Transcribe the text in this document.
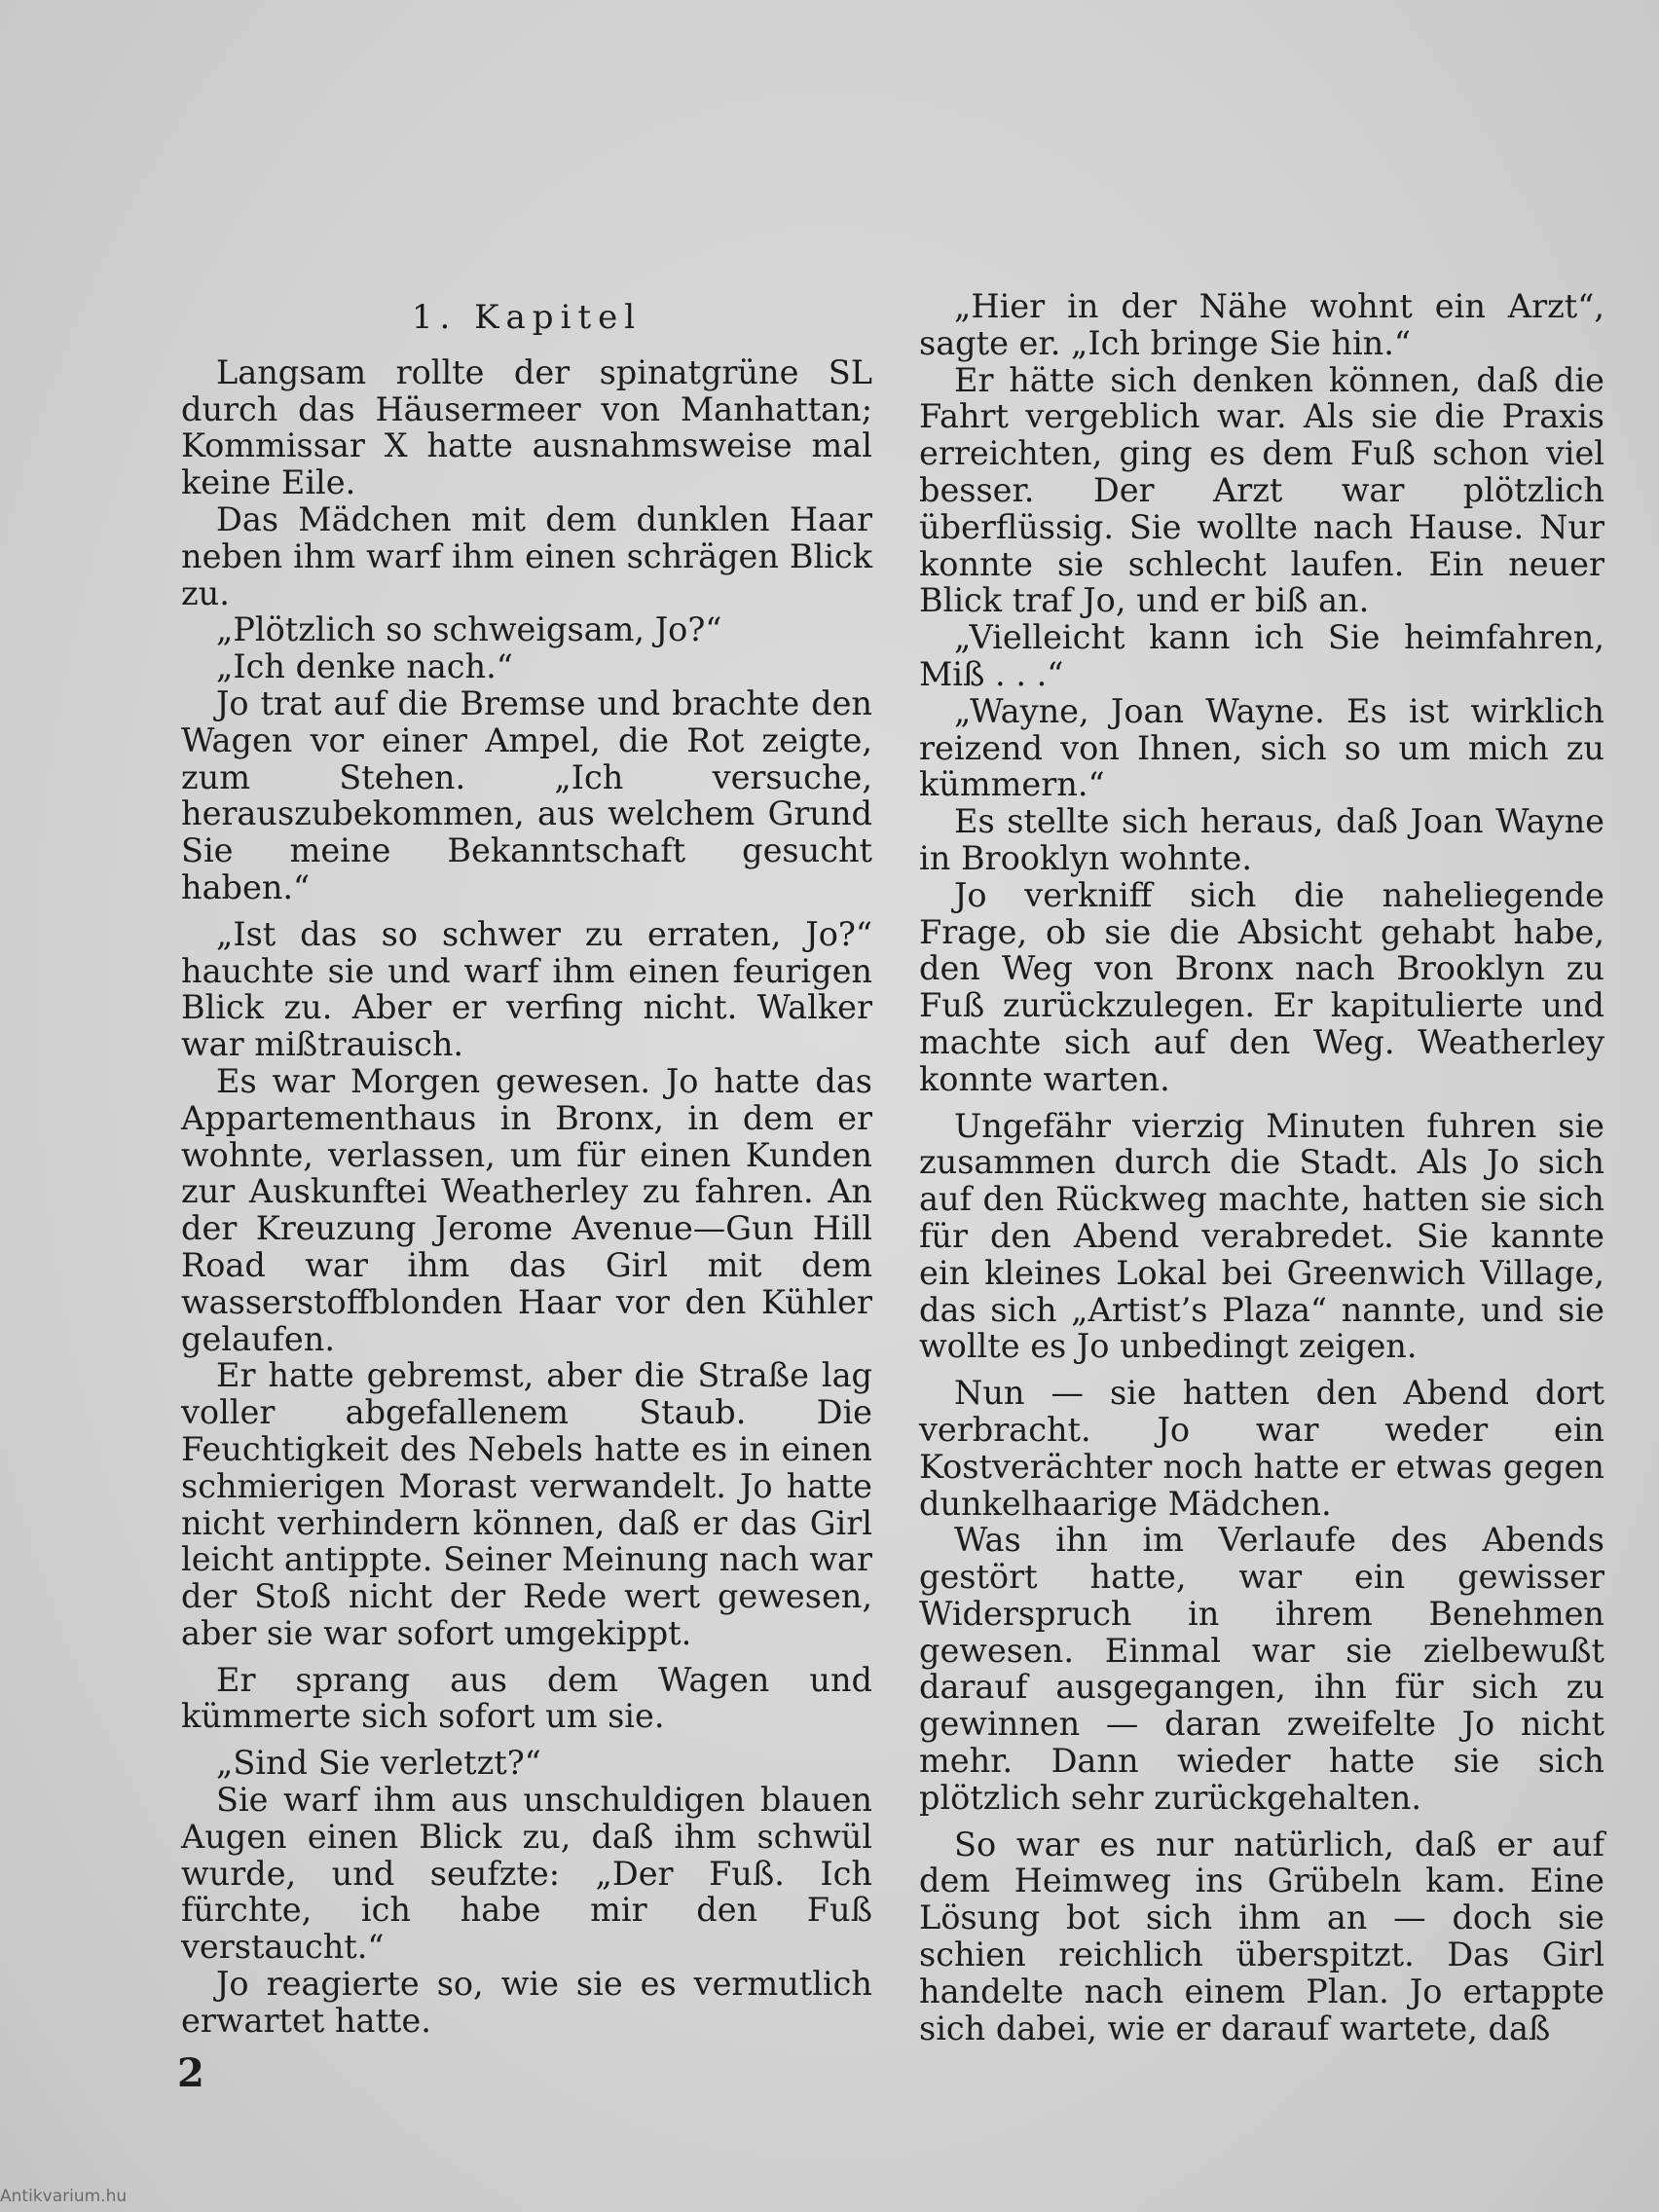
1. Kapitel

Langsam rollte der spinatgrüne SL durch das Häusermeer von Manhattan; Kommissar X hatte ausnahmsweise mal keine Eile.

Das Mädchen mit dem dunklen Haar neben ihm warf ihm einen schrägen Blick zu.

„Plötzlich so schweigsam, Jo?“

„Ich denke nach.“

Jo trat auf die Bremse und brachte den Wagen vor einer Ampel, die Rot zeigte, zum Stehen. „Ich versuche, herauszubekommen, aus welchem Grund Sie meine Bekanntschaft gesucht haben.“

„Ist das so schwer zu erraten, Jo?“ hauchte sie und warf ihm einen feurigen Blick zu. Aber er verfing nicht. Walker war mißtrauisch.

Es war Morgen gewesen. Jo hatte das Appartementhaus in Bronx, in dem er wohnte, verlassen, um für einen Kunden zur Auskunftei Weatherley zu fahren. An der Kreuzung Jerome Avenue—Gun Hill Road war ihm das Girl mit dem wasserstoffblonden Haar vor den Kühler gelaufen.

Er hatte gebremst, aber die Straße lag voller abgefallenem Staub. Die Feuchtigkeit des Nebels hatte es in einen schmierigen Morast verwandelt. Jo hatte nicht verhindern können, daß er das Girl leicht antippte. Seiner Meinung nach war der Stoß nicht der Rede wert gewesen, aber sie war sofort umgekippt.

Er sprang aus dem Wagen und kümmerte sich sofort um sie.

„Sind Sie verletzt?“

Sie warf ihm aus unschuldigen blauen Augen einen Blick zu, daß ihm schwül wurde, und seufzte: „Der Fuß. Ich fürchte, ich habe mir den Fuß verstaucht.“

Jo reagierte so, wie sie es vermutlich erwartet hatte.

„Hier in der Nähe wohnt ein Arzt“, sagte er. „Ich bringe Sie hin.“

Er hätte sich denken können, daß die Fahrt vergeblich war. Als sie die Praxis erreichten, ging es dem Fuß schon viel besser. Der Arzt war plötzlich überflüssig. Sie wollte nach Hause. Nur konnte sie schlecht laufen. Ein neuer Blick traf Jo, und er biß an.

„Vielleicht kann ich Sie heimfahren, Miß . . .“

„Wayne, Joan Wayne. Es ist wirklich reizend von Ihnen, sich so um mich zu kümmern.“

Es stellte sich heraus, daß Joan Wayne in Brooklyn wohnte.

Jo verkniff sich die naheliegende Frage, ob sie die Absicht gehabt habe, den Weg von Bronx nach Brooklyn zu Fuß zurückzulegen. Er kapitulierte und machte sich auf den Weg. Weatherley konnte warten.

Ungefähr vierzig Minuten fuhren sie zusammen durch die Stadt. Als Jo sich auf den Rückweg machte, hatten sie sich für den Abend verabredet. Sie kannte ein kleines Lokal bei Greenwich Village, das sich „Artist’s Plaza“ nannte, und sie wollte es Jo unbedingt zeigen.

Nun — sie hatten den Abend dort verbracht. Jo war weder ein Kostverächter noch hatte er etwas gegen dunkelhaarige Mädchen.

Was ihn im Verlaufe des Abends gestört hatte, war ein gewisser Widerspruch in ihrem Benehmen gewesen. Einmal war sie zielbewußt darauf ausgegangen, ihn für sich zu gewinnen — daran zweifelte Jo nicht mehr. Dann wieder hatte sie sich plötzlich sehr zurückgehalten.

So war es nur natürlich, daß er auf dem Heimweg ins Grübeln kam. Eine Lösung bot sich ihm an — doch sie schien reichlich überspitzt. Das Girl handelte nach einem Plan. Jo ertappte sich dabei, wie er darauf wartete, daß

2
Antikvarium.hu
